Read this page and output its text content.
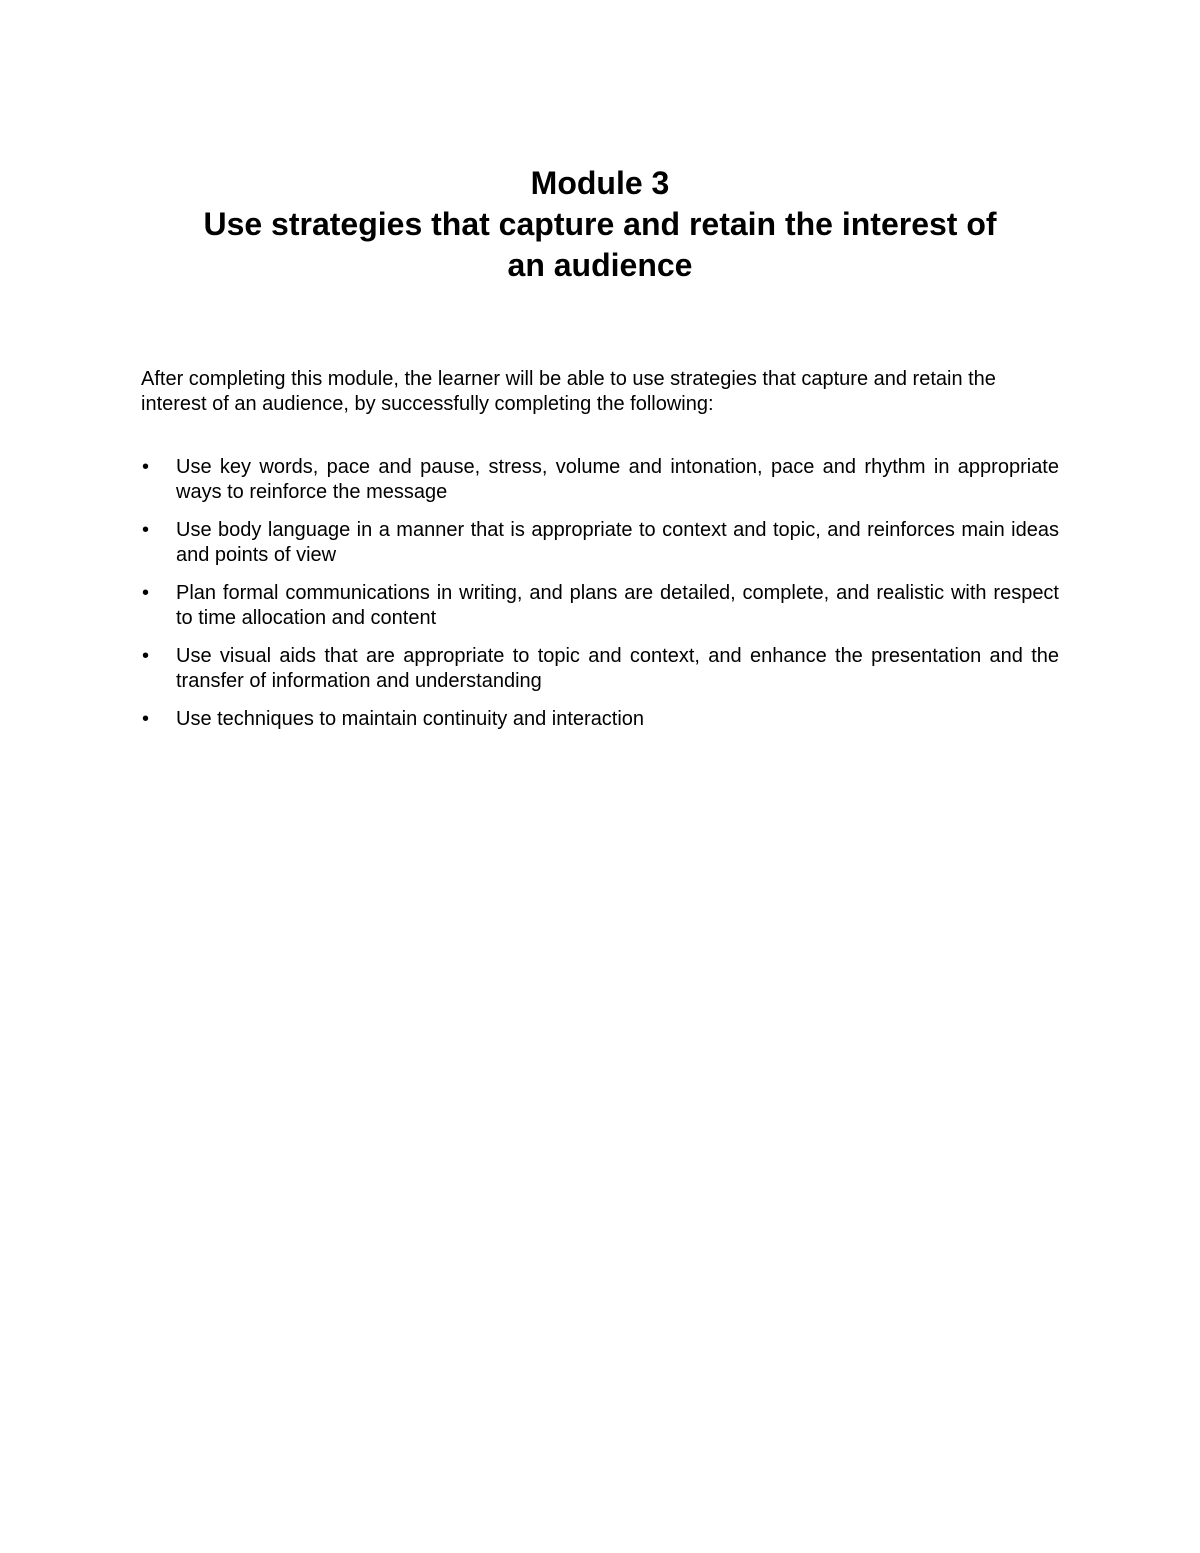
Module 3
Use strategies that capture and retain the interest of
an audience

After completing this module, the learner will be able to use strategies that capture and retain the interest of an audience, by successfully completing the following:

•	Use key words, pace and pause, stress, volume and intonation, pace and rhythm in appropriate ways to reinforce the message
•	Use body language in a manner that is appropriate to context and topic, and reinforces main ideas and points of view
•	Plan formal communications in writing, and plans are detailed, complete, and realistic with respect to time allocation and content
•	Use visual aids that are appropriate to topic and context, and enhance the presentation and the transfer of information and understanding
•	Use techniques to maintain continuity and interaction
